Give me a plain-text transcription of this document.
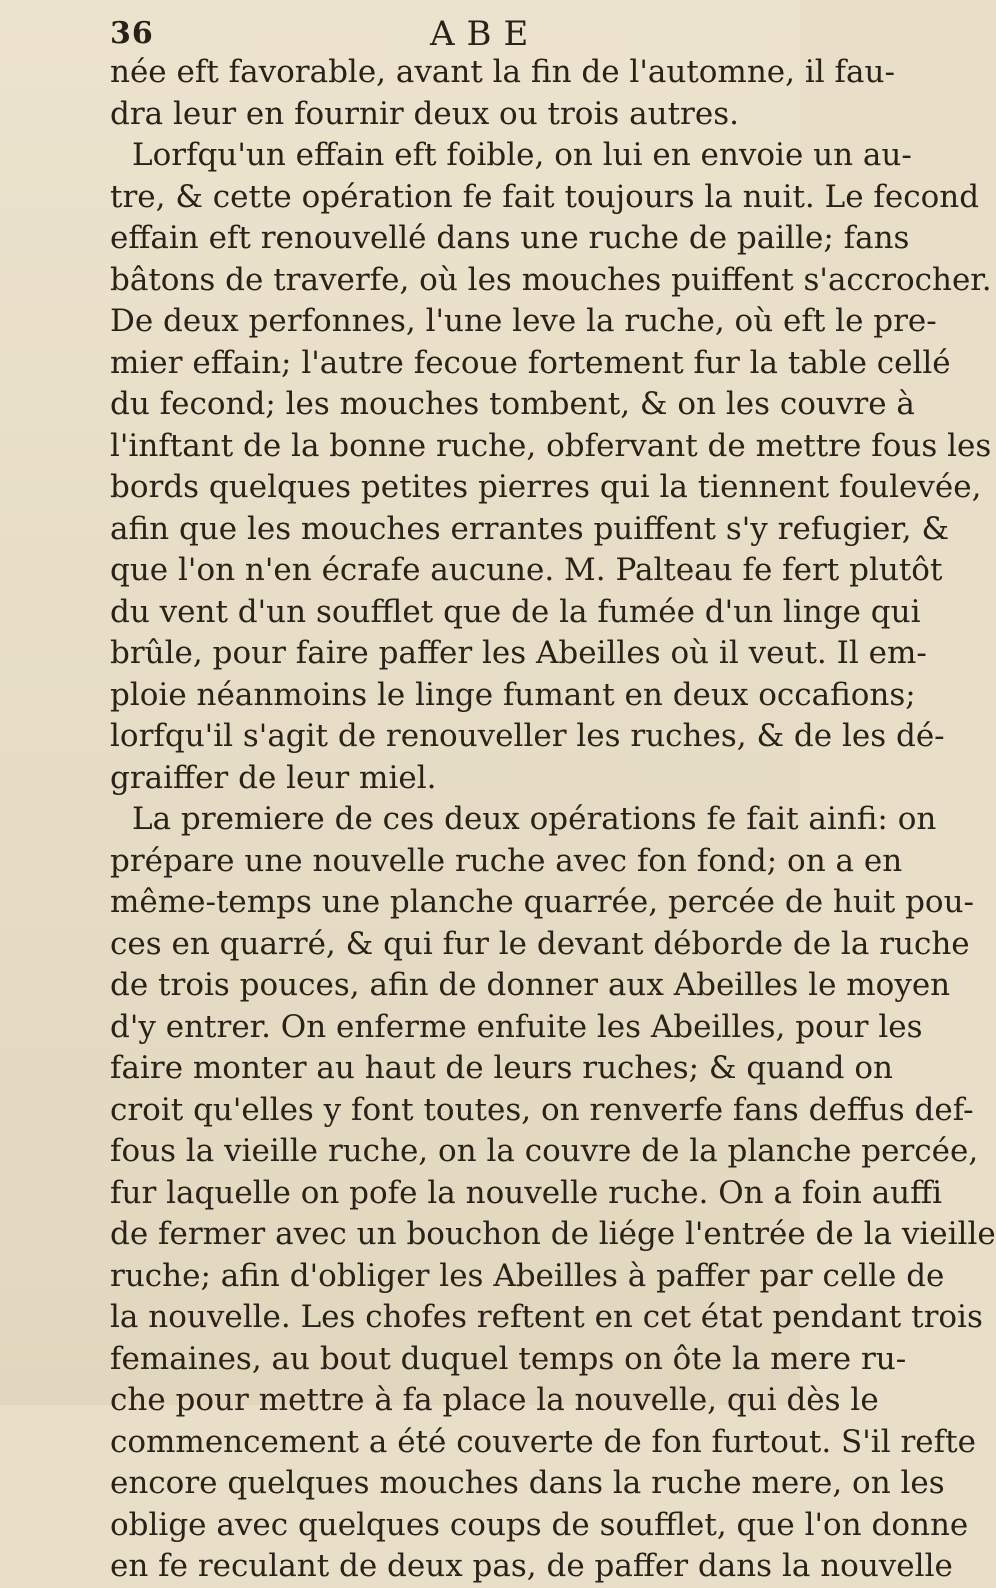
36	ABE
née eft favorable, avant la fin de l'automne, il fau-
dra leur en fournir deux ou trois autres.
Lorfqu'un effain eft foible, on lui en envoie un au-
tre, & cette opération fe fait toujours la nuit. Le fecond
effain eft renouvellé dans une ruche de paille; fans
bâtons de traverfe, où les mouches puiffent s'accrocher.
De deux perfonnes, l'une leve la ruche, où eft le pre-
mier effain; l'autre fecoue fortement fur la table cellé
du fecond; les mouches tombent, & on les couvre à
l'inftant de la bonne ruche, obfervant de mettre fous les
bords quelques petites pierres qui la tiennent foulevée,
afin que les mouches errantes puiffent s'y refugier, &
que l'on n'en écrafe aucune. M. Palteau fe fert plutôt
du vent d'un soufflet que de la fumée d'un linge qui
brûle, pour faire paffer les Abeilles où il veut. Il em-
ploie néanmoins le linge fumant en deux occafions;
lorfqu'il s'agit de renouveller les ruches, & de les dé-
graiffer de leur miel.
La premiere de ces deux opérations fe fait ainfi: on
prépare une nouvelle ruche avec fon fond; on a en
même-temps une planche quarrée, percée de huit pou-
ces en quarré, & qui fur le devant déborde de la ruche
de trois pouces, afin de donner aux Abeilles le moyen
d'y entrer. On enferme enfuite les Abeilles, pour les
faire monter au haut de leurs ruches; & quand on
croit qu'elles y font toutes, on renverfe fans deffus def-
fous la vieille ruche, on la couvre de la planche percée,
fur laquelle on pofe la nouvelle ruche. On a foin auffi
de fermer avec un bouchon de liége l'entrée de la vieille
ruche; afin d'obliger les Abeilles à paffer par celle de
la nouvelle. Les chofes reftent en cet état pendant trois
femaines, au bout duquel temps on ôte la mere ru-
che pour mettre à fa place la nouvelle, qui dès le
commencement a été couverte de fon furtout. S'il refte
encore quelques mouches dans la ruche mere, on les
oblige avec quelques coups de soufflet, que l'on donne
en fe reculant de deux pas, de paffer dans la nouvelle
